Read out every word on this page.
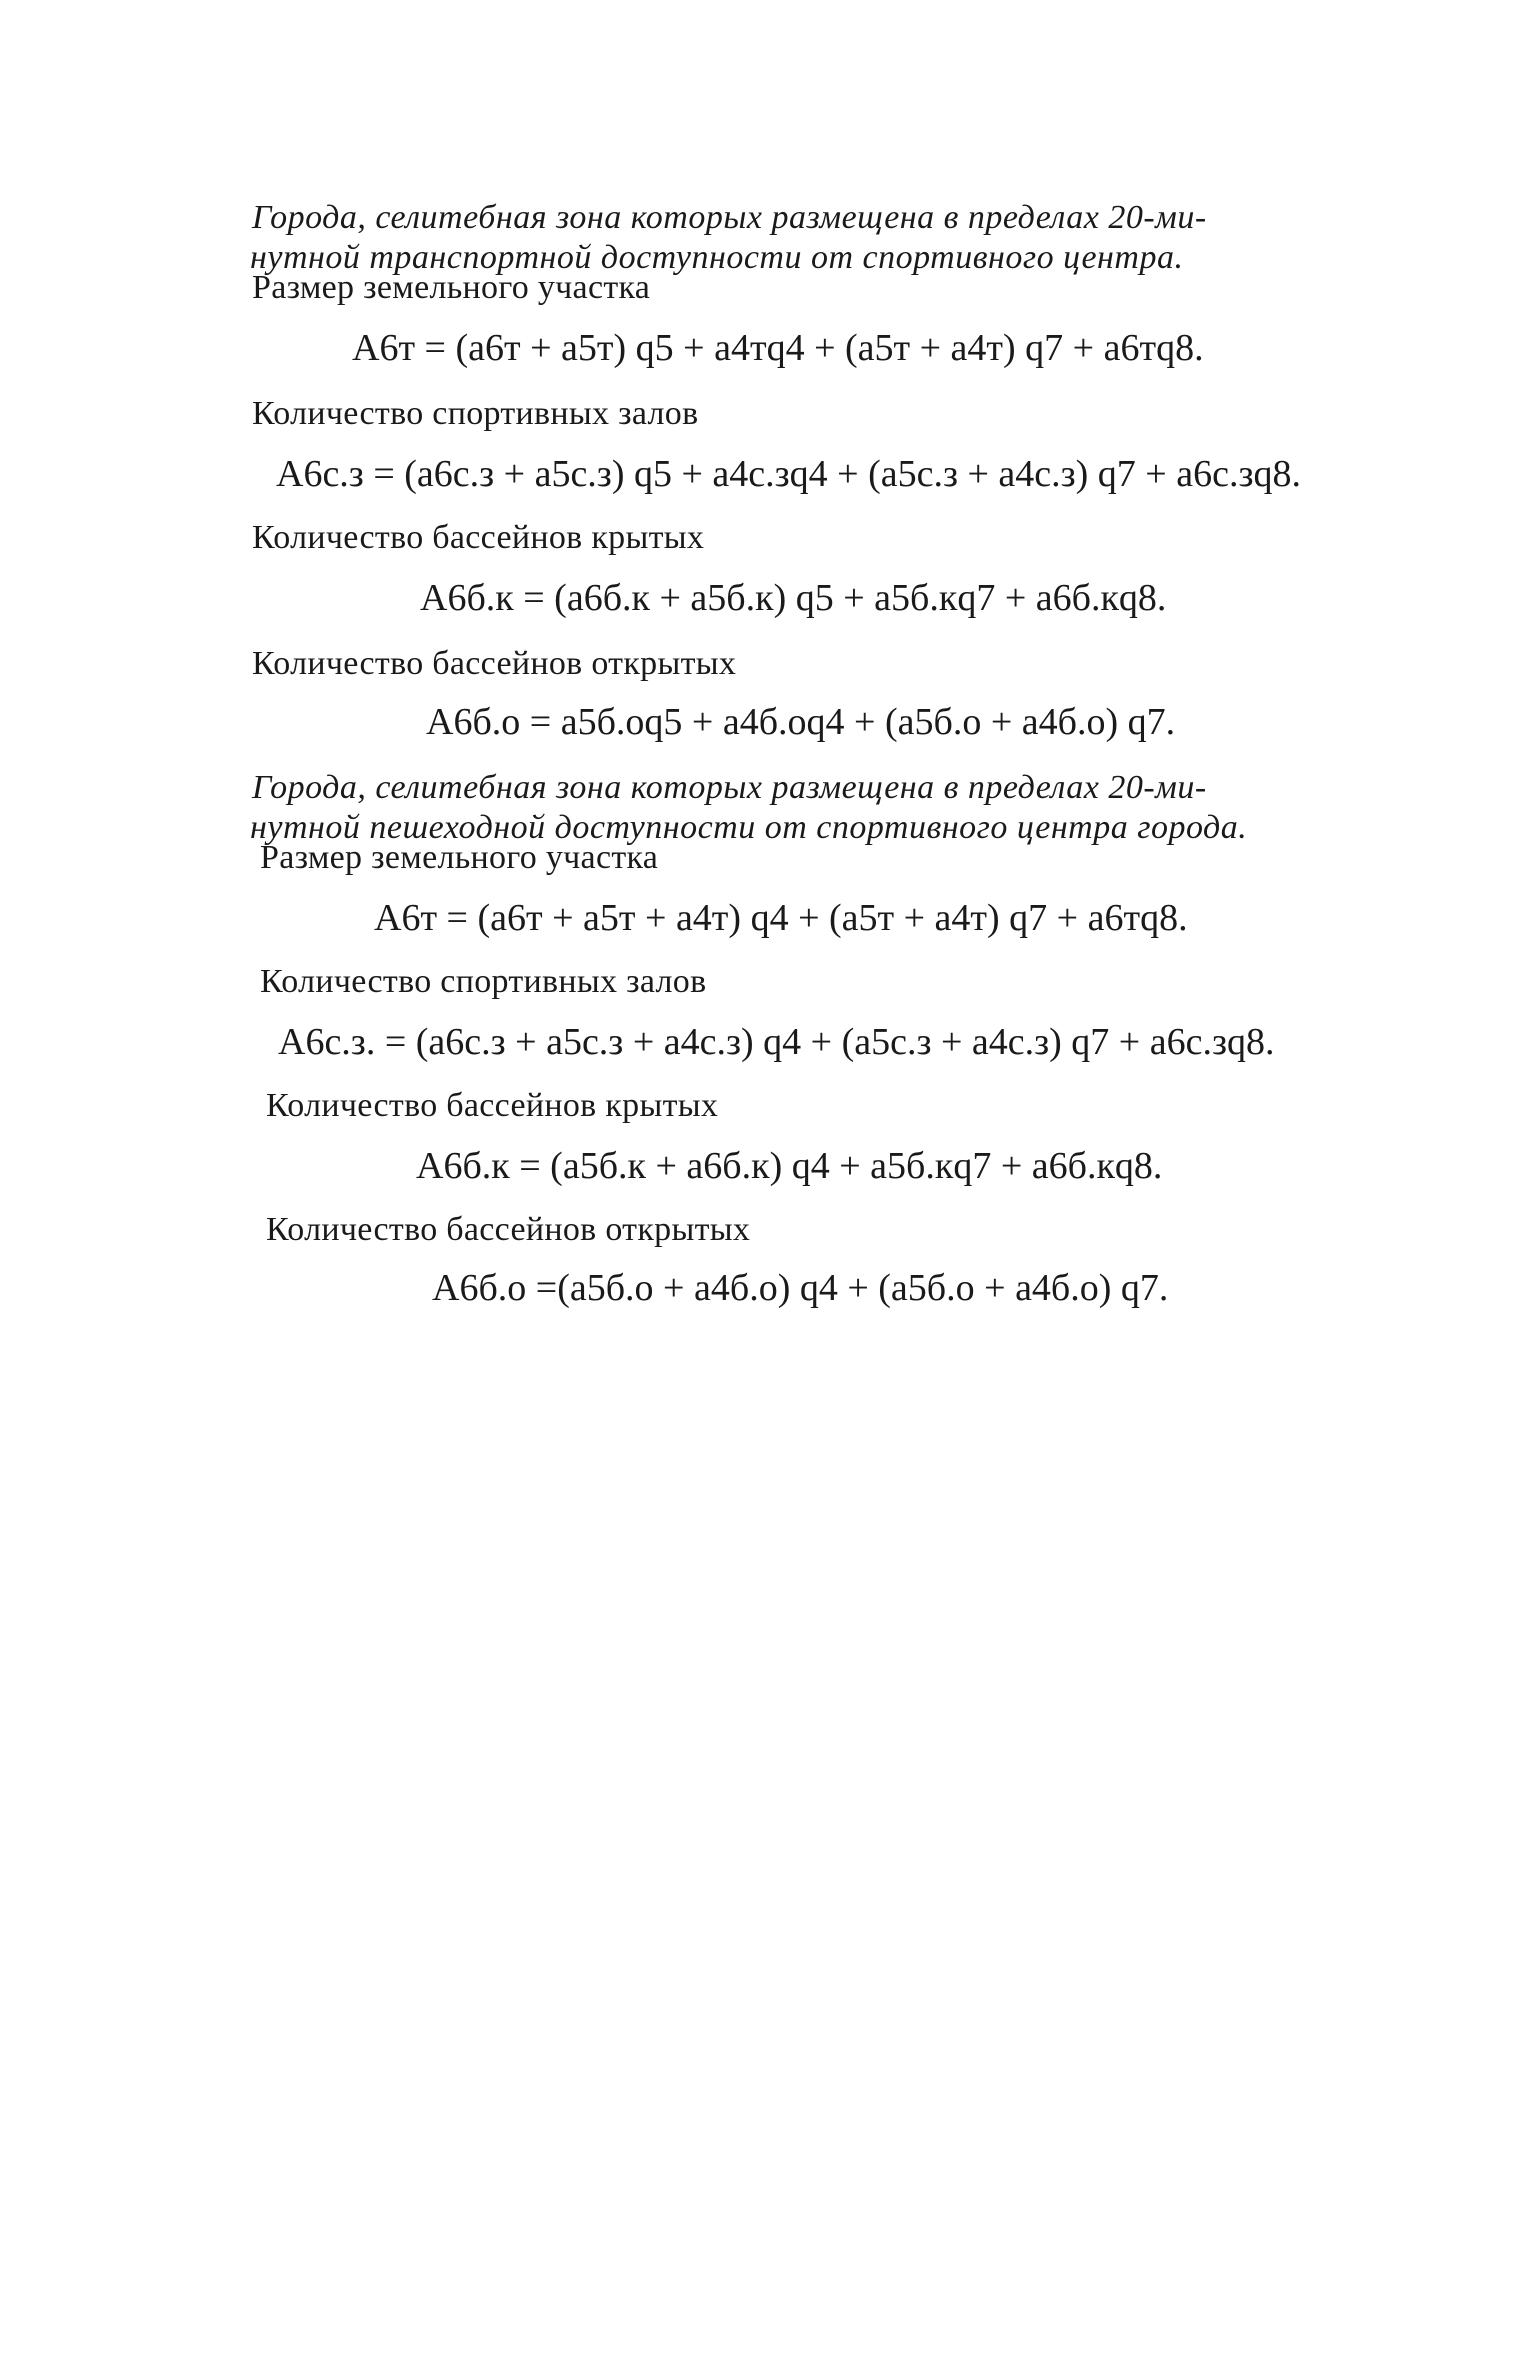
Города, селитебная зона которых размещена в пределах 20-ми-
нутной транспортной доступности от спортивного центра.
Размер земельного участка
A6т = (a6т + a5т) q5 + a4тq4 + (a5т + a4т) q7 + a6тq8.
Количество спортивных залов
A6с.з = (a6с.з + a5с.з) q5 + a4с.зq4 + (a5с.з + a4с.з) q7 + a6с.зq8.
Количество бассейнов крытых
A6б.к = (a6б.к + a5б.к) q5 + a5б.кq7 + a6б.кq8.
Количество бассейнов открытых
A6б.о = a5б.оq5 + a4б.оq4 + (a5б.о + a4б.о) q7.
Города, селитебная зона которых размещена в пределах 20-ми-
нутной пешеходной доступности от спортивного центра города.
Размер земельного участка
A6т = (a6т + a5т + a4т) q4 + (a5т + a4т) q7 + a6тq8.
Количество спортивных залов
A6с.з. = (a6с.з + a5с.з + a4с.з) q4 + (a5с.з + a4с.з) q7 + a6с.зq8.
Количество бассейнов крытых
A6б.к = (a5б.к + a6б.к) q4 + a5б.кq7 + a6б.кq8.
Количество бассейнов открытых
A6б.о =(a5б.о + a4б.о) q4 + (a5б.о + a4б.о) q7.
